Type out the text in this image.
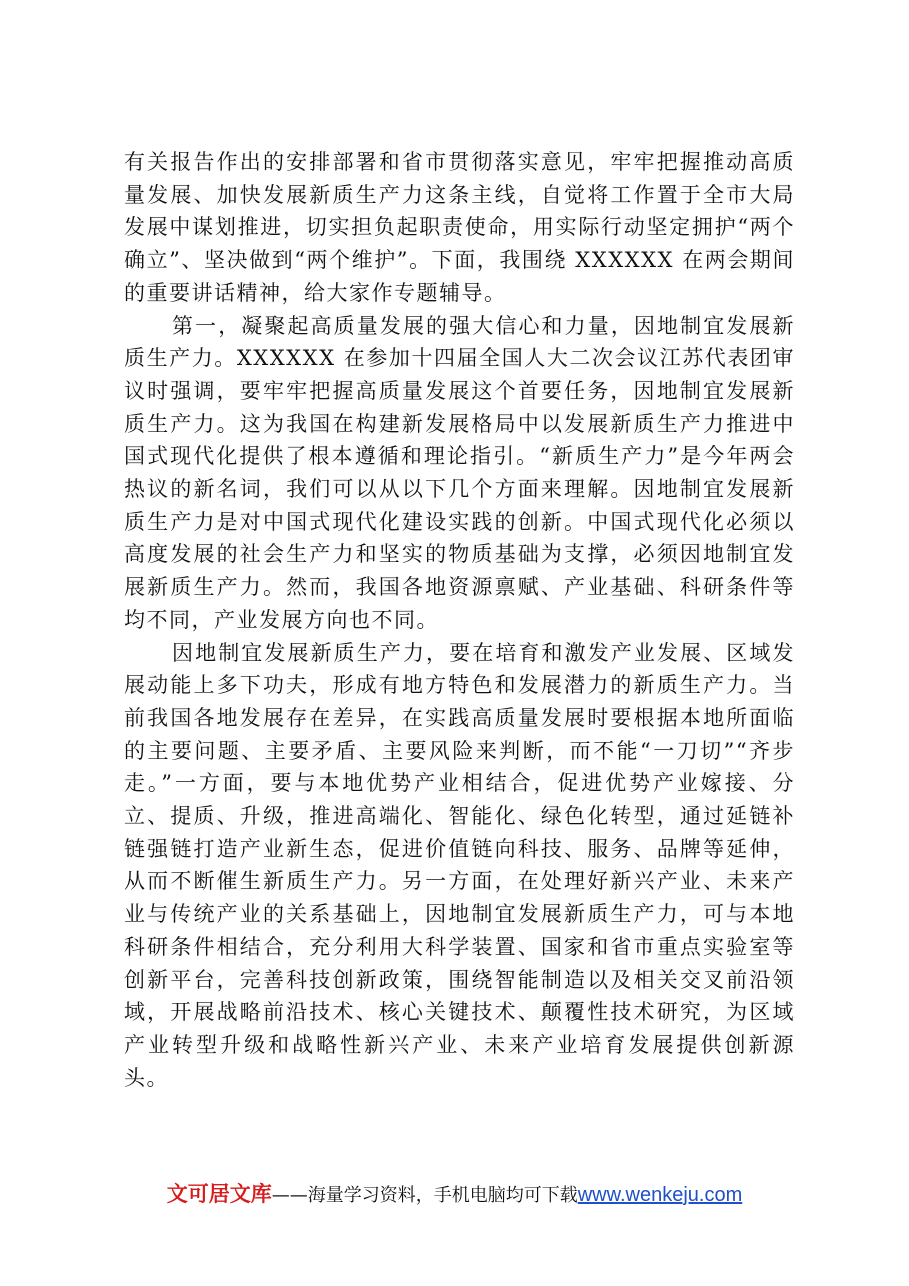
有关报告作出的安排部署和省市贯彻落实意见，牢牢把握推动高质量发展、加快发展新质生产力这条主线，自觉将工作置于全市大局发展中谋划推进，切实担负起职责使命，用实际行动坚定拥护“两个确立”、坚决做到“两个维护”。下面，我围绕 XXXXXX 在两会期间的重要讲话精神，给大家作专题辅导。

第一，凝聚起高质量发展的强大信心和力量，因地制宜发展新质生产力。XXXXXX 在参加十四届全国人大二次会议江苏代表团审议时强调，要牢牢把握高质量发展这个首要任务，因地制宜发展新质生产力。这为我国在构建新发展格局中以发展新质生产力推进中国式现代化提供了根本遵循和理论指引。“新质生产力”是今年两会热议的新名词，我们可以从以下几个方面来理解。因地制宜发展新质生产力是对中国式现代化建设实践的创新。中国式现代化必须以高度发展的社会生产力和坚实的物质基础为支撑，必须因地制宜发展新质生产力。然而，我国各地资源禀赋、产业基础、科研条件等均不同，产业发展方向也不同。

因地制宜发展新质生产力，要在培育和激发产业发展、区域发展动能上多下功夫，形成有地方特色和发展潜力的新质生产力。当前我国各地发展存在差异，在实践高质量发展时要根据本地所面临的主要问题、主要矛盾、主要风险来判断，而不能“一刀切”“齐步走。”一方面，要与本地优势产业相结合，促进优势产业嫁接、分立、提质、升级，推进高端化、智能化、绿色化转型，通过延链补链强链打造产业新生态，促进价值链向科技、服务、品牌等延伸，从而不断催生新质生产力。另一方面，在处理好新兴产业、未来产业与传统产业的关系基础上，因地制宜发展新质生产力，可与本地科研条件相结合，充分利用大科学装置、国家和省市重点实验室等创新平台，完善科技创新政策，围绕智能制造以及相关交叉前沿领域，开展战略前沿技术、核心关键技术、颠覆性技术研究，为区域产业转型升级和战略性新兴产业、未来产业培育发展提供创新源头。

文可居文库——海量学习资料，手机电脑均可下载www.wenkeju.com
